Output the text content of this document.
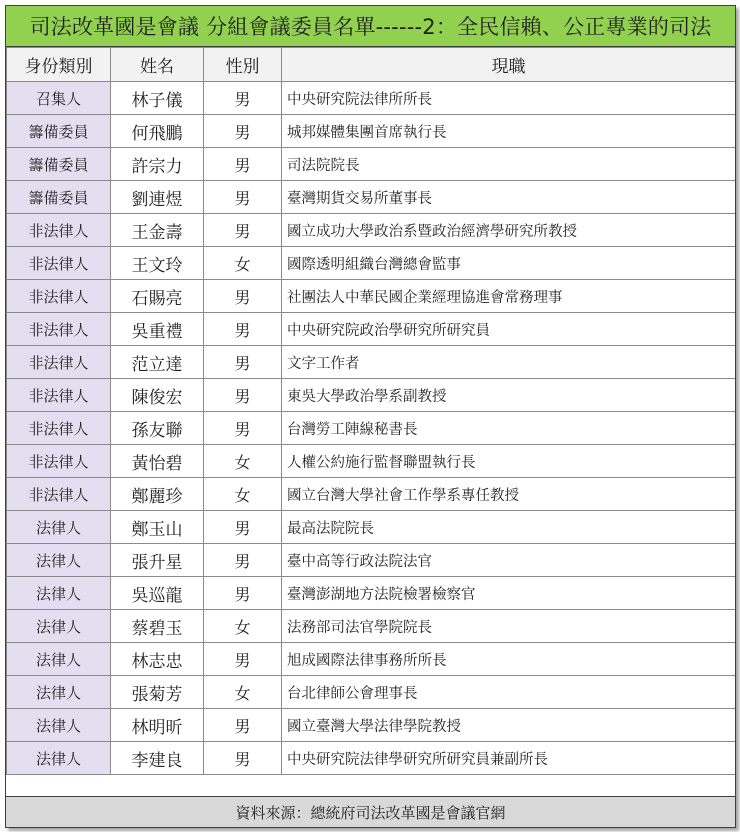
司法改革國是會議 分組會議委員名單------2：全民信賴、公正專業的司法
身份類別	姓名	性別	現職
召集人	林子儀	男	中央研究院法律所所長
籌備委員	何飛鵬	男	城邦媒體集團首席執行長
籌備委員	許宗力	男	司法院院長
籌備委員	劉連煜	男	臺灣期貨交易所董事長
非法律人	王金壽	男	國立成功大學政治系暨政治經濟學研究所教授
非法律人	王文玲	女	國際透明組織台灣總會監事
非法律人	石賜亮	男	社團法人中華民國企業經理協進會常務理事
非法律人	吳重禮	男	中央研究院政治學研究所研究員
非法律人	范立達	男	文字工作者
非法律人	陳俊宏	男	東吳大學政治學系副教授
非法律人	孫友聯	男	台灣勞工陣線秘書長
非法律人	黃怡碧	女	人權公約施行監督聯盟執行長
非法律人	鄭麗珍	女	國立台灣大學社會工作學系專任教授
法律人	鄭玉山	男	最高法院院長
法律人	張升星	男	臺中高等行政法院法官
法律人	吳巡龍	男	臺灣澎湖地方法院檢署檢察官
法律人	蔡碧玉	女	法務部司法官學院院長
法律人	林志忠	男	旭成國際法律事務所所長
法律人	張菊芳	女	台北律師公會理事長
法律人	林明昕	男	國立臺灣大學法律學院教授
法律人	李建良	男	中央研究院法律學研究所研究員兼副所長
資料來源：總統府司法改革國是會議官網
